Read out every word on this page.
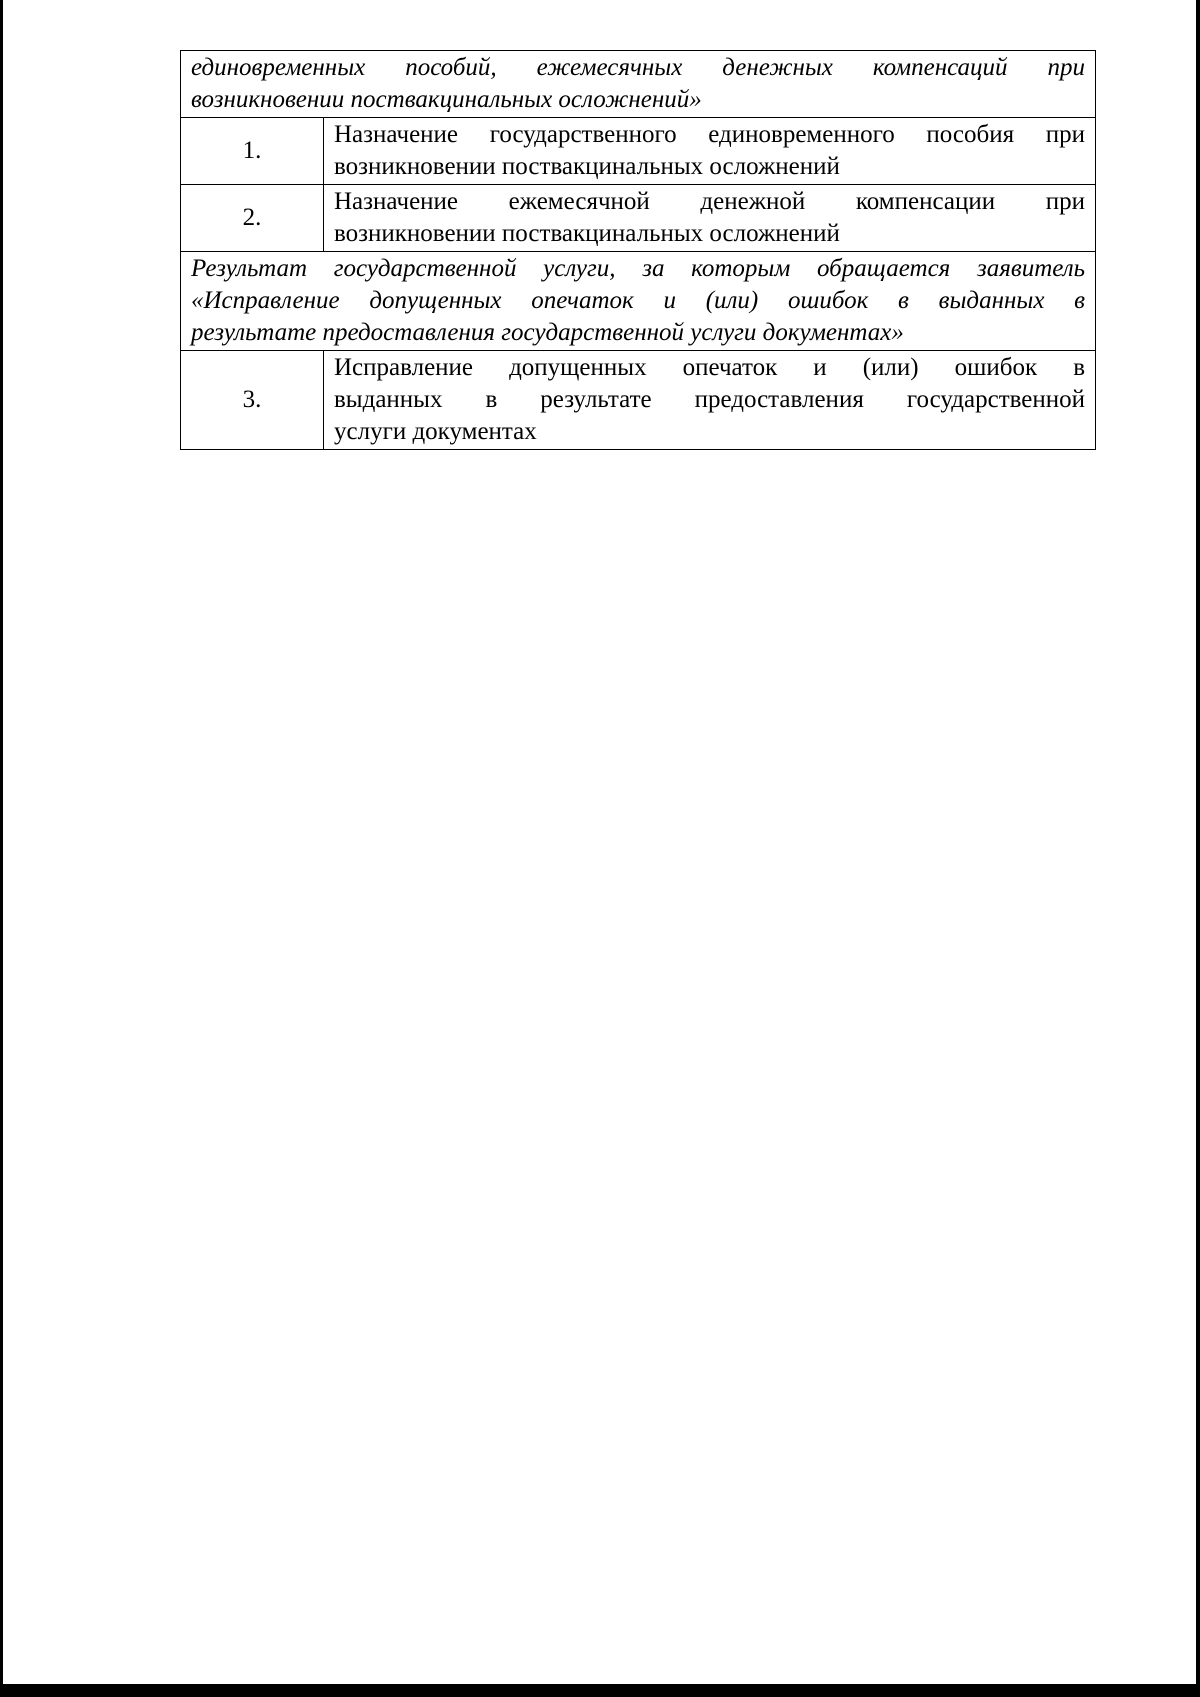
единовременных пособий, ежемесячных денежных компенсаций при
возникновении поствакцинальных осложнений»	

1.	Назначение государственного единовременного пособия при
возникновении поствакцинальных осложнений

2.	Назначение ежемесячной денежной компенсации при
возникновении поствакцинальных осложнений

Результат государственной услуги, за которым обращается заявитель
«Исправление допущенных опечаток и (или) ошибок в выданных в
результате предоставления государственной услуги документах»	

3.	Исправление допущенных опечаток и (или) ошибок в
выданных в результате предоставления государственной
услуги документах
